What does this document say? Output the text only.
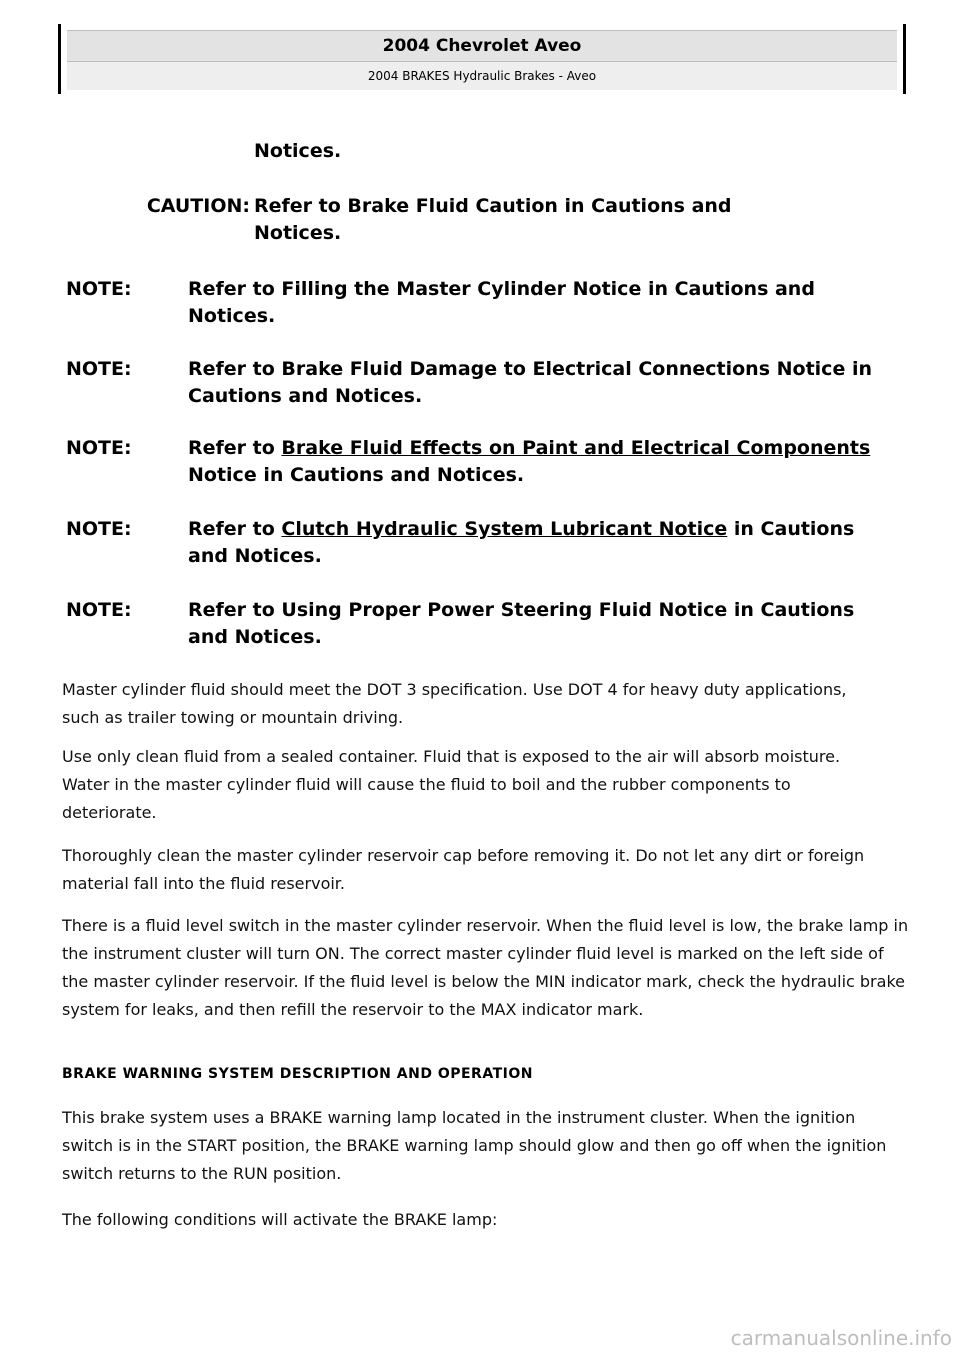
2004 Chevrolet Aveo
2004 BRAKES Hydraulic Brakes - Aveo
Notices.
CAUTION: Refer to Brake Fluid Caution in Cautions and
Notices.
NOTE:	Refer to Filling the Master Cylinder Notice in Cautions and
Notices.
NOTE:	Refer to Brake Fluid Damage to Electrical Connections Notice in
Cautions and Notices.
NOTE:	Refer to Brake Fluid Effects on Paint and Electrical Components
Notice in Cautions and Notices.
NOTE:	Refer to Clutch Hydraulic System Lubricant Notice in Cautions
and Notices.
NOTE:	Refer to Using Proper Power Steering Fluid Notice in Cautions
and Notices.
Master cylinder fluid should meet the DOT 3 specification. Use DOT 4 for heavy duty applications, such as trailer towing or mountain driving.
Use only clean fluid from a sealed container. Fluid that is exposed to the air will absorb moisture. Water in the master cylinder fluid will cause the fluid to boil and the rubber components to deteriorate.
Thoroughly clean the master cylinder reservoir cap before removing it. Do not let any dirt or foreign material fall into the fluid reservoir.
There is a fluid level switch in the master cylinder reservoir. When the fluid level is low, the brake lamp in the instrument cluster will turn ON. The correct master cylinder fluid level is marked on the left side of the master cylinder reservoir. If the fluid level is below the MIN indicator mark, check the hydraulic brake system for leaks, and then refill the reservoir to the MAX indicator mark.
BRAKE WARNING SYSTEM DESCRIPTION AND OPERATION
This brake system uses a BRAKE warning lamp located in the instrument cluster. When the ignition switch is in the START position, the BRAKE warning lamp should glow and then go off when the ignition switch returns to the RUN position.
The following conditions will activate the BRAKE lamp:
carmanualsonline.info
